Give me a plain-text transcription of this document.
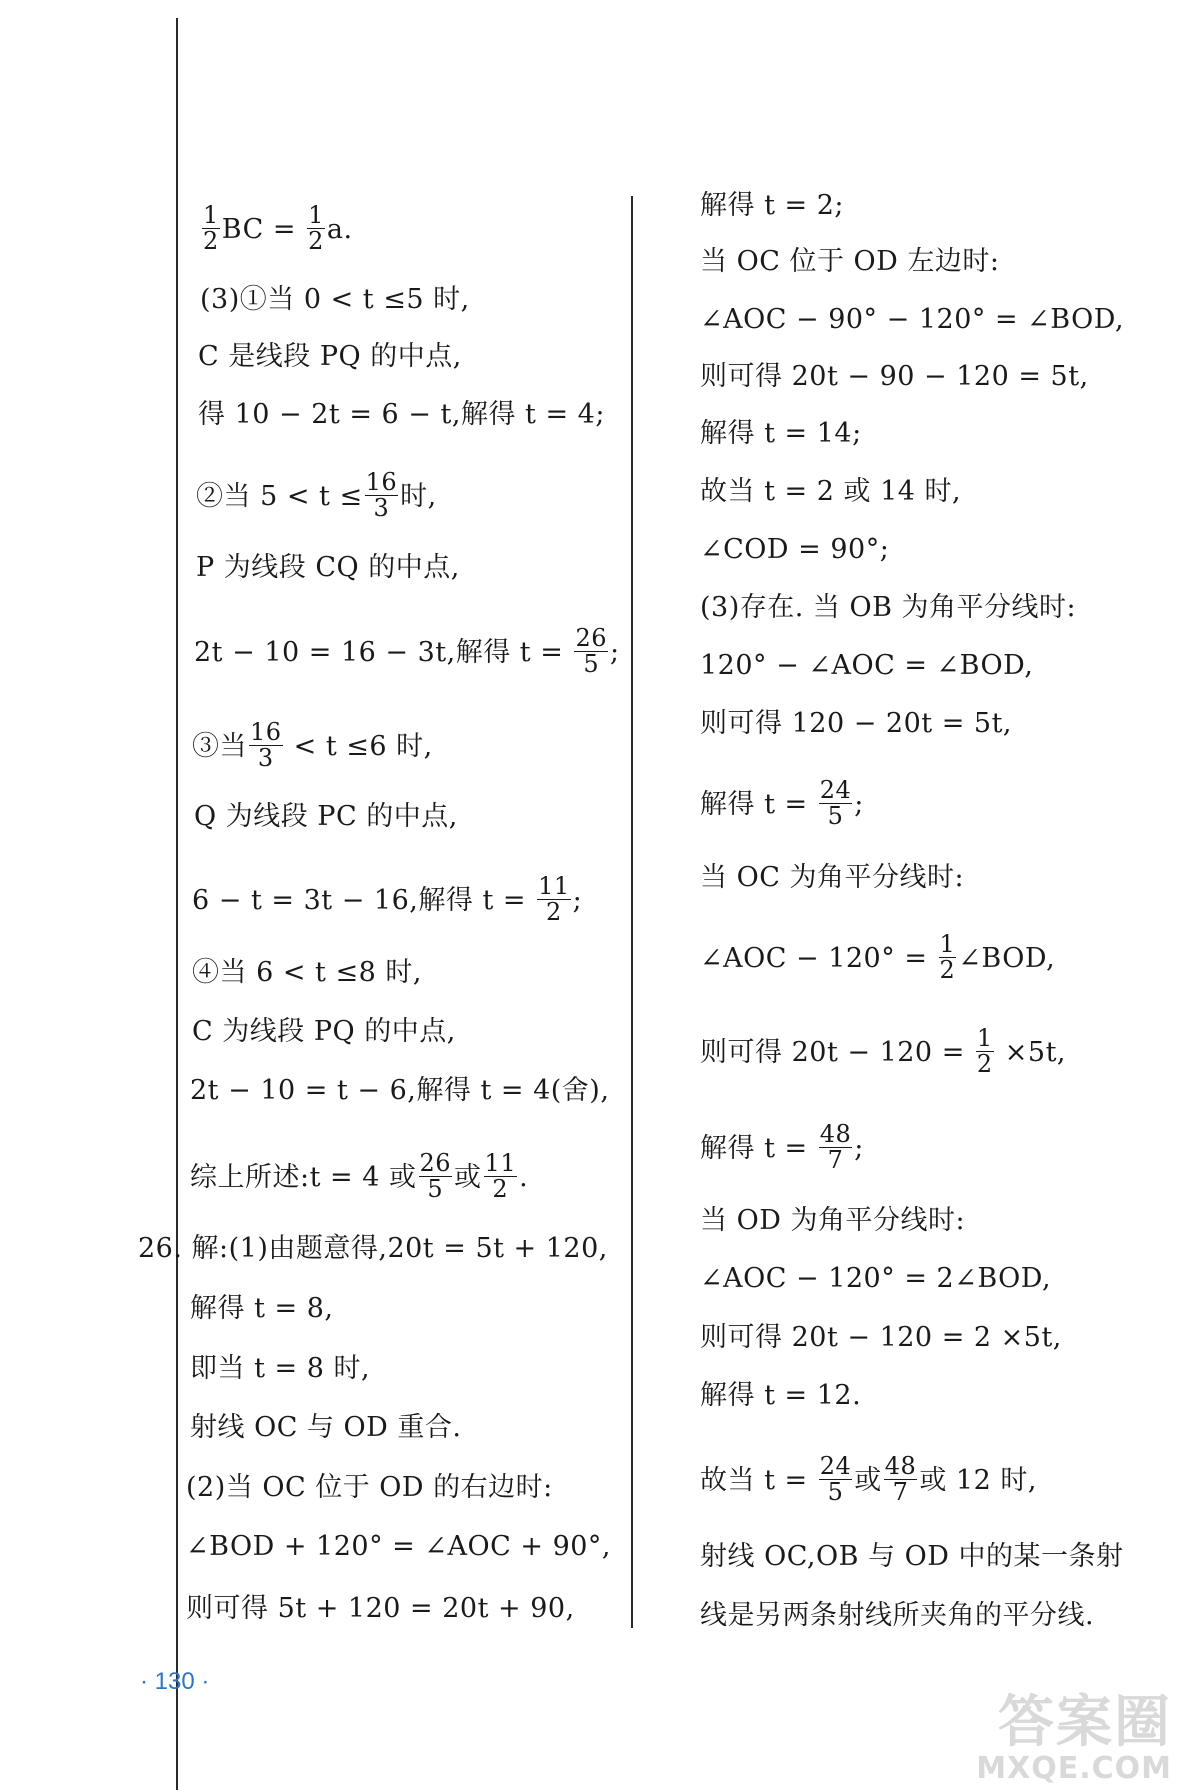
$\frac{1}{2}$ BC = $\frac{1}{2} a$.
(3)①当 0 < t ≤5 时,
C 是线段 PQ 的中点,
得 10 − 2t = 6 − t,解得 t = 4;
②当 $5 < t \le \frac{16}{3}$ 时,
P 为线段 CQ 的中点,
2t − 10 = 16 − 3t,解得 $t = \frac{26}{5}$ ;
③当 $\frac{16}{3} < t \le 6$ 时,
Q 为线段 PC 的中点,
6 − t = 3t − 16,解得 $t = \frac{11}{2}$ ;
④当 6 < t ≤8 时,
C 为线段 PQ 的中点,
2t − 10 = t − 6,解得 t = 4(舍),
综上所述:t = 4 或 $\frac{26}{5}$ 或 $\frac{11}{2}$ .
26. 解:(1)由题意得,20t = 5t + 120,
解得 t = 8,
即当 t = 8 时,
射线 OC 与 OD 重合.
(2)当 OC 位于 OD 的右边时:
∠BOD + 120° = ∠AOC + 90°,
则可得 5t + 120 = 20t + 90,
解得 t = 2;
当 OC 位于 OD 左边时:
∠AOC − 90° − 120° = ∠BOD,
则可得 20t − 90 − 120 = 5t,
解得 t = 14;
故当 t = 2 或 14 时,
∠COD = 90°;
(3)存在. 当 OB 为角平分线时:
120° − ∠AOC = ∠BOD,
则可得 120 − 20t = 5t,
解得 $t = \frac{24}{5}$ ;
当 OC 为角平分线时:
∠AOC − $120^\circ = \frac{1}{2}$ ∠BOD,
则可得 $20t - 120 = \frac{1}{2} \times 5t$,
解得 $t = \frac{48}{7}$ ;
当 OD 为角平分线时:
∠AOC − 120° = 2∠BOD,
则可得 20t − 120 = 2 ×5t,
解得 t = 12.
故当 $t = \frac{24}{5}$ 或 $\frac{48}{7}$ 或 12 时,
射线 OC,OB 与 OD 中的某一条射
线是另两条射线所夹角的平分线.
· 130 ·
答案圈
MXQE.COM
